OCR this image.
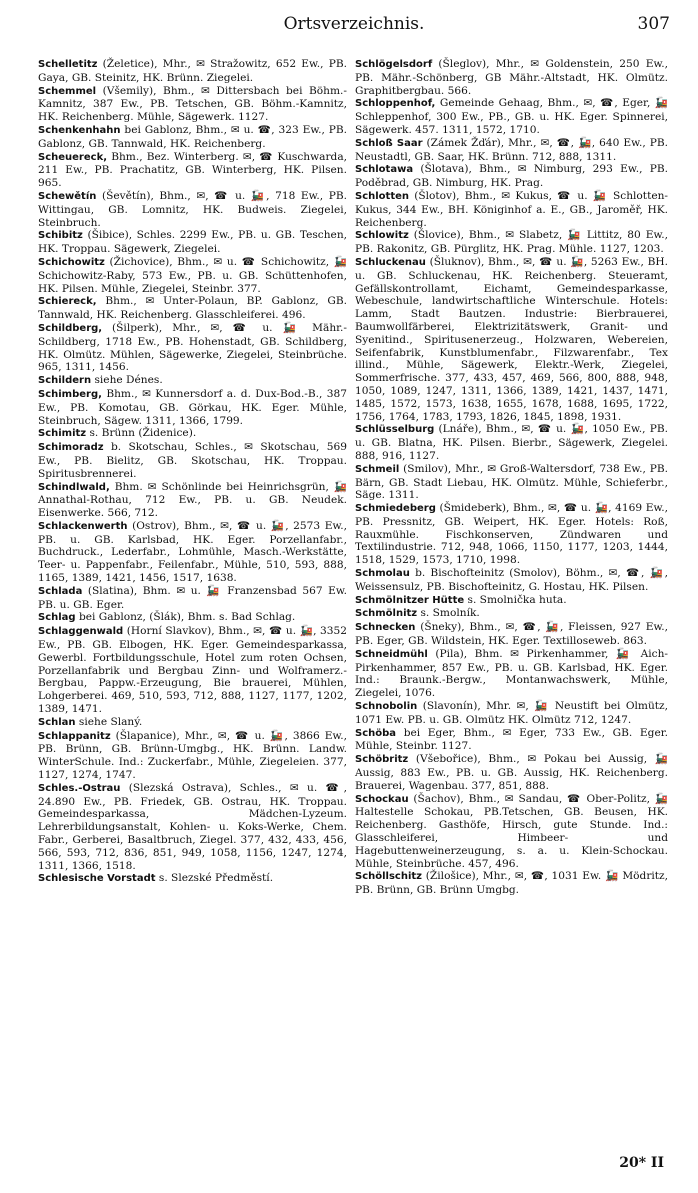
Ortsverzeichnis.	307

Schelletitz (Želetice), Mhr., ✉ Stražowitz, 652 Ew., PB. Gaya, GB. Steinitz, HK. Brünn. Ziegelei.

Schemmel (Všemily), Bhm., ✉ Dittersbach bei Böhm.-Kamnitz, 387 Ew., PB. Tetschen, GB. Böhm.-Kamnitz, HK. Reichenberg. Mühle, Sägewerk. 1127.

Schenkenhahn bei Gablonz, Bhm., ✉ u. ☎, 323 Ew., PB. Gablonz, GB. Tannwald, HK. Reichenberg.

Scheuereck, Bhm., Bez. Winterberg. ✉, ☎ Kuschwarda, 211 Ew., PB. Prachatitz, GB. Winterberg, HK. Pilsen. 965.

Schewětín (Ševětín), Bhm., ✉, ☎ u. 🚂, 718 Ew., PB. Wittingau, GB. Lomnitz, HK. Budweis. Ziegelei, Steinbruch.

Schibitz (Šibice), Schles. 2299 Ew., PB. u. GB. Teschen, HK. Troppau. Sägewerk, Ziegelei.

Schichowitz (Žichovice), Bhm., ✉ u. ☎ Schichowitz, 🚂 Schichowitz-Raby, 573 Ew., PB. u. GB. Schüttenhofen, HK. Pilsen. Mühle, Ziegelei, Steinbr. 377.

Schiereck, Bhm., ✉ Unter-Polaun, BP. Gablonz, GB. Tannwald, HK. Reichenberg. Glasschleiferei. 496.

Schildberg, (Šilperk), Mhr., ✉, ☎ u. 🚂 Mähr.-Schildberg, 1718 Ew., PB. Hohenstadt, GB. Schildberg, HK. Olmütz. Mühlen, Sägewerke, Ziegelei, Steinbrüche. 965, 1311, 1456.

Schildern siehe Dénes.

Schimberg, Bhm., ✉ Kunnersdorf a. d. Dux-Bod.-B., 387 Ew., PB. Komotau, GB. Görkau, HK. Eger. Mühle, Steinbruch, Sägew. 1311, 1366, 1799.

Schimitz s. Brünn (Židenice).

Schimoradz b. Skotschau, Schles., ✉ Skotschau, 569 Ew., PB. Bielitz, GB. Skotschau, HK. Troppau. Spiritusbrennerei.

Schindlwald, Bhm. ✉ Schönlinde bei Heinrichsgrün, 🚂 Annathal-Rothau, 712 Ew., PB. u. GB. Neudek. Eisenwerke. 566, 712.

Schlackenwerth (Ostrov), Bhm., ✉, ☎ u. 🚂, 2573 Ew., PB. u. GB. Karlsbad, HK. Eger. Porzellanfabr., Buchdruck., Lederfabr., Lohmühle, Masch.-Werkstätte, Teer- u. Pappenfabr., Feilenfabr., Mühle, 510, 593, 888, 1165, 1389, 1421, 1456, 1517, 1638.

Schlada (Slatina), Bhm. ✉ u. 🚂 Franzensbad 567 Ew. PB. u. GB. Eger.

Schlag bei Gablonz, (Šlák), Bhm. s. Bad Schlag.

Schlaggenwald (Horní Slavkov), Bhm., ✉, ☎ u. 🚂, 3352 Ew., PB. GB. Elbogen, HK. Eger. Gemeindesparkassa, Gewerbl. Fortbildungsschule, Hotel zum roten Ochsen, Porzellanfabrik und Bergbau Zinn- und Wolframerz.-Bergbau, Pappw.-Erzeugung, Bie brauerei, Mühlen, Lohgerberei. 469, 510, 593, 712, 888, 1127, 1177, 1202, 1389, 1471.

Schlan siehe Slaný.

Schlappanitz (Šlapanice), Mhr., ✉, ☎ u. 🚂, 3866 Ew., PB. Brünn, GB. Brünn-Umgbg., HK. Brünn. Landw. WinterSchule. Ind.: Zuckerfabr., Mühle, Ziegeleien. 377, 1127, 1274, 1747.

Schles.-Ostrau (Slezská Ostrava), Schles., ✉ u. ☎, 24.890 Ew., PB. Friedek, GB. Ostrau, HK. Troppau. Gemeindesparkassa, Mädchen-Lyzeum. Lehrerbildungsanstalt, Kohlen- u. Koks-Werke, Chem. Fabr., Gerberei, Basaltbruch, Ziegel. 377, 432, 433, 456, 566, 593, 712, 836, 851, 949, 1058, 1156, 1247, 1274, 1311, 1366, 1518.

Schlesische Vorstadt s. Slezské Předměstí.

Schlögelsdorf (Šleglov), Mhr., ✉ Goldenstein, 250 Ew., PB. Mähr.-Schönberg, GB Mähr.-Altstadt, HK. Olmütz. Graphitbergbau. 566.

Schloppenhof, Gemeinde Gehaag, Bhm., ✉, ☎, Eger, 🚂 Schleppenhof, 300 Ew., PB., GB. u. HK. Eger. Spinnerei, Sägewerk. 457. 1311, 1572, 1710.

Schloß Saar (Zámek Žďár), Mhr., ✉, ☎, 🚂, 640 Ew., PB. Neustadtl, GB. Saar, HK. Brünn. 712, 888, 1311.

Schlotawa (Šlotava), Bhm., ✉ Nimburg, 293 Ew., PB. Poděbrad, GB. Nimburg, HK. Prag.

Schlotten (Šlotov), Bhm., ✉ Kukus, ☎ u. 🚂 Schlotten-Kukus, 344 Ew., BH. Königinhof a. E., GB., Jaroměř, HK. Reichenberg.

Schlowitz (Šlovice), Bhm., ✉ Slabetz, 🚂 Littitz, 80 Ew., PB. Rakonitz, GB. Pürglitz, HK. Prag. Mühle. 1127, 1203.

Schluckenau (Šluknov), Bhm., ✉, ☎ u. 🚂, 5263 Ew., BH. u. GB. Schluckenau, HK. Reichenberg. Steueramt, Gefällskontrollamt, Eichamt, Gemeindesparkasse, Webeschule, landwirtschaftliche Winterschule. Hotels: Lamm, Stadt Bautzen. Industrie: Bierbrauerei, Baumwollfärberei, Elektrizitätswerk, Granit- und Syenitind., Spiritusenerzeug., Holzwaren, Webereien, Seifenfabrik, Kunstblumenfabr., Filzwarenfabr., Tex illind., Mühle, Sägewerk, Elektr.-Werk, Ziegelei, Sommerfrische. 377, 433, 457, 469, 566, 800, 888, 948, 1050, 1089, 1247, 1311, 1366, 1389, 1421, 1437, 1471, 1485, 1572, 1573, 1638, 1655, 1678, 1688, 1695, 1722, 1756, 1764, 1783, 1793, 1826, 1845, 1898, 1931.

Schlüsselburg (Lnáře), Bhm., ✉, ☎ u. 🚂, 1050 Ew., PB. u. GB. Blatna, HK. Pilsen. Bierbr., Sägewerk, Ziegelei. 888, 916, 1127.

Schmeil (Smilov), Mhr., ✉ Groß-Waltersdorf, 738 Ew., PB. Bärn, GB. Stadt Liebau, HK. Olmütz. Mühle, Schieferbr., Säge. 1311.

Schmiedeberg (Šmideberk), Bhm., ✉, ☎ u. 🚂, 4169 Ew., PB. Pressnitz, GB. Weipert, HK. Eger. Hotels: Roß, Rauxmühle. Fischkonserven, Zündwaren und Textilindustrie. 712, 948, 1066, 1150, 1177, 1203, 1444, 1518, 1529, 1573, 1710, 1998.

Schmolau b. Bischofteinitz (Smolov), Böhm., ✉, ☎, 🚂, Weissensulz, PB. Bischofteinitz, G. Hostau, HK. Pilsen.

Schmölnitzer Hütte s. Smolnička huta.

Schmölnitz s. Smolník.

Schnecken (Šneky), Bhm., ✉, ☎, 🚂, Fleissen, 927 Ew., PB. Eger, GB. Wildstein, HK. Eger. Textilloseweb. 863.

Schneidmühl (Pila), Bhm. ✉ Pirkenhammer, 🚂 Aich-Pirkenhammer, 857 Ew., PB. u. GB. Karlsbad, HK. Eger. Ind.: Braunk.-Bergw., Montanwachswerk, Mühle, Ziegelei, 1076.

Schnobolin (Slavonín), Mhr. ✉, 🚂 Neustift bei Olmütz, 1071 Ew. PB. u. GB. Olmütz HK. Olmütz 712, 1247.

Schöba bei Eger, Bhm., ✉ Eger, 733 Ew., GB. Eger. Mühle, Steinbr. 1127.

Schöbritz (Všebořice), Bhm., ✉ Pokau bei Aussig, 🚂 Aussig, 883 Ew., PB. u. GB. Aussig, HK. Reichenberg. Brauerei, Wagenbau. 377, 851, 888.

Schockau (Šachov), Bhm., ✉ Sandau, ☎ Ober-Politz, 🚂 Haltestelle Schokau, PB.Tetschen, GB. Beusen, HK. Reichenberg. Gasthöfe, Hirsch, gute Stunde. Ind.: Glasschleiferei, Himbeer- und Hagebuttenweinerzeugung, s. a. u. Klein-Schockau. Mühle, Steinbrüche. 457, 496.

Schöllschitz (Žilošice), Mhr., ✉, ☎, 1031 Ew. 🚂 Mödritz, PB. Brünn, GB. Brünn Umgbg.

20* II
